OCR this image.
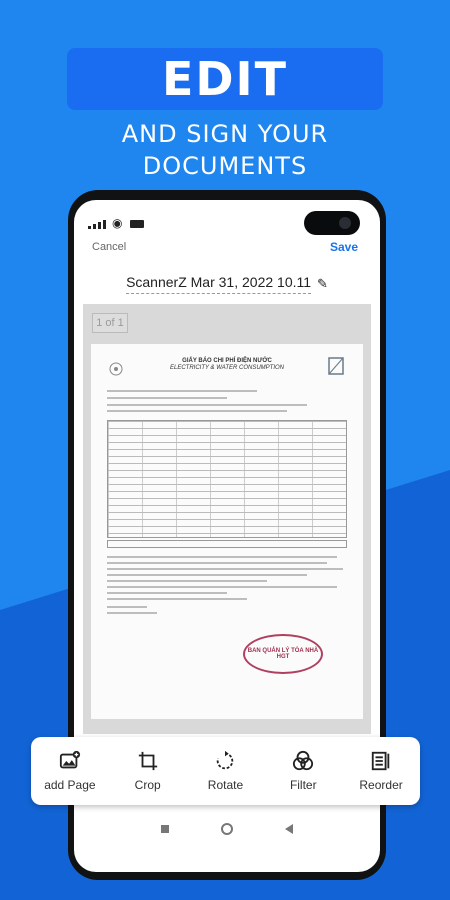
EDIT
AND SIGN YOUR
DOCUMENTS
◉
Cancel	Save
ScannerZ Mar 31, 2022 10.11 ✎
1 of 1
GIẤY BÁO CHI PHÍ ĐIỆN NƯỚC
ELECTRICITY & WATER CONSUMPTION
BAN QUẢN LÝ TÒA NHÀ HGT
add Page	Crop	Rotate	Filter	Reorder
